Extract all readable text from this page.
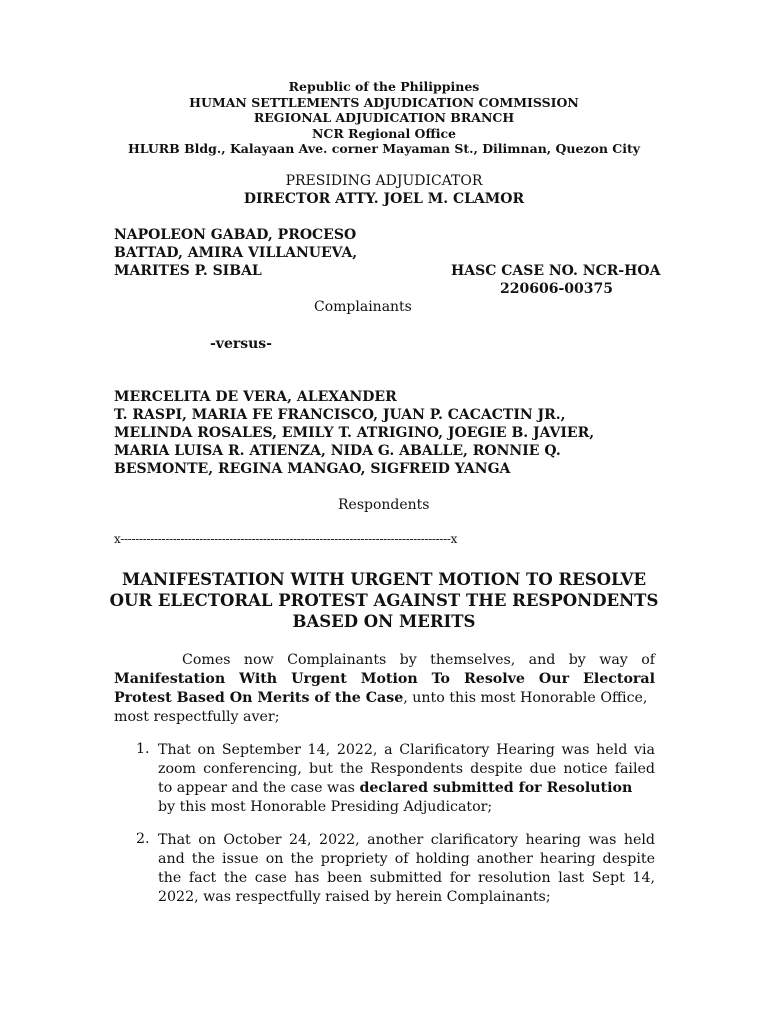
Republic of the Philippines
HUMAN SETTLEMENTS ADJUDICATION COMMISSION
REGIONAL ADJUDICATION BRANCH
NCR Regional Office
HLURB Bldg., Kalayaan Ave. corner Mayaman St., Dilimnan, Quezon City
PRESIDING ADJUDICATOR
DIRECTOR ATTY. JOEL M. CLAMOR
NAPOLEON GABAD, PROCESO
BATTAD, AMIRA VILLANUEVA,
MARITES P. SIBAL	HASC CASE NO. NCR-HOA
220606-00375
Complainants
-versus-
MERCELITA DE VERA, ALEXANDER
T. RASPI, MARIA FE FRANCISCO, JUAN P. CACACTIN JR.,
MELINDA ROSALES, EMILY T. ATRIGINO, JOEGIE B. JAVIER,
MARIA LUISA R. ATIENZA, NIDA G. ABALLE, RONNIE Q.
BESMONTE, REGINA MANGAO, SIGFREID YANGA
Respondents
x----------------------------------------------------------------------------------------x
MANIFESTATION WITH URGENT MOTION TO RESOLVE
OUR ELECTORAL PROTEST AGAINST THE RESPONDENTS
BASED ON MERITS
Comes now Complainants by themselves, and by way of
Manifestation With Urgent Motion To Resolve Our Electoral
Protest Based On Merits of the Case, unto this most Honorable Office,
most respectfully aver;
1. That on September 14, 2022, a Clarificatory Hearing was held via
zoom conferencing, but the Respondents despite due notice failed
to appear and the case was declared submitted for Resolution
by this most Honorable Presiding Adjudicator;
2. That on October 24, 2022, another clarificatory hearing was held
and the issue on the propriety of holding another hearing despite
the fact the case has been submitted for resolution last Sept 14,
2022, was respectfully raised by herein Complainants;
